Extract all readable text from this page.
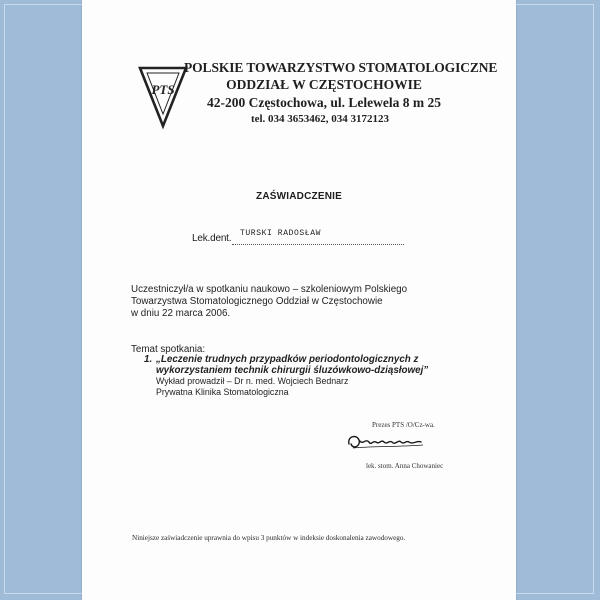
PTS
POLSKIE TOWARZYSTWO STOMATOLOGICZNE
ODDZIAŁ W CZĘSTOCHOWIE
42-200 Częstochowa, ul. Lelewela 8 m 25
tel. 034 3653462, 034 3172123
ZAŚWIADCZENIE
Lek.dent. TURSKI RADOSŁAW
Uczestniczył/a w spotkaniu naukowo – szkoleniowym Polskiego
Towarzystwa Stomatologicznego Oddział w Częstochowie
w dniu 22 marca 2006.
Temat spotkania:
1. „Leczenie trudnych przypadków periodontologicznych z
wykorzystaniem technik chirurgii śluzówkowo-dziąsłowej”
Wykład prowadził – Dr n. med. Wojciech Bednarz
Prywatna Klinika Stomatologiczna
Prezes PTS /O/Cz-wa.
lek. stom. Anna Chowaniec
Niniejsze zaświadczenie uprawnia do wpisu 3 punktów w indeksie doskonalenia zawodowego.
